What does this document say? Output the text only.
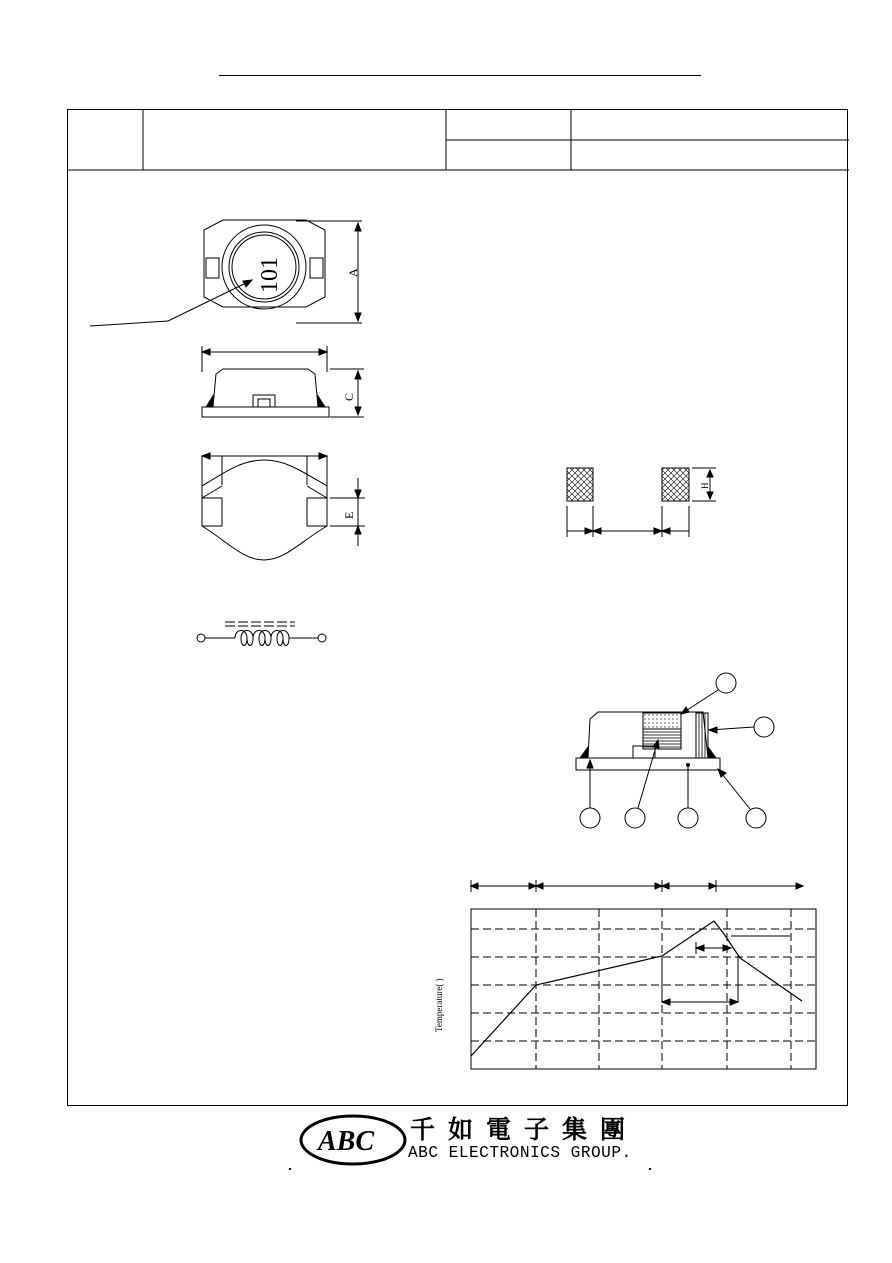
101	A
C
E
H
Temperature( )
ABC 千如電子集團
ABC ELECTRONICS GROUP.
